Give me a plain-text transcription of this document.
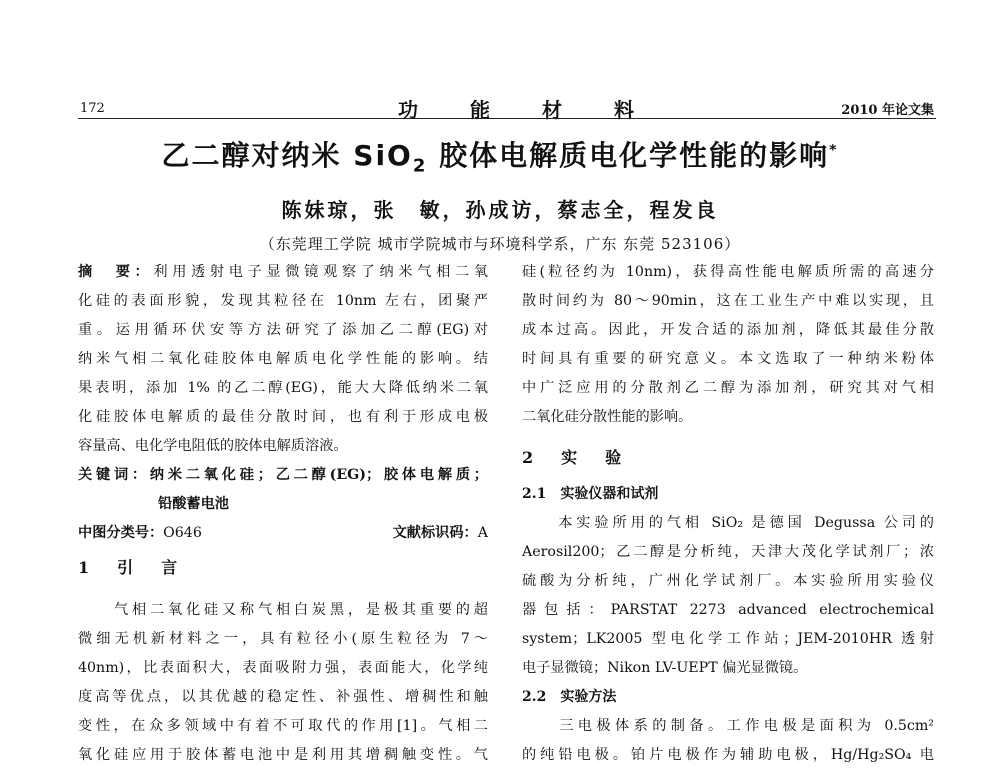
172	功能材料	2010 年论文集
乙二醇对纳米 SiO$_2$ 胶体电解质电化学性能的影响*
陈妹琼，张　敏，孙成访，蔡志全，程发良
（东莞理工学院 城市学院城市与环境科学系，广东 东莞 523106）
摘　要：利用透射电子显微镜观察了纳米气相二氧
化硅的表面形貌，发现其粒径在 10nm 左右，团聚严
重。运用循环伏安等方法研究了添加乙二醇(EG)对
纳米气相二氧化硅胶体电解质电化学性能的影响。结
果表明，添加 1% 的乙二醇(EG)，能大大降低纳米二氧
化硅胶体电解质的最佳分散时间，也有利于形成电极
容量高、电化学电阻低的胶体电解质溶液。
关键词：纳米二氧化硅；乙二醇(EG)；胶体电解质；
铅酸蓄电池
中图分类号：O646	文献标识码：A
1　引　言
　　气相二氧化硅又称气相白炭黑，是极其重要的超
微细无机新材料之一，具有粒径小(原生粒径为 7～
40nm)，比表面积大，表面吸附力强，表面能大，化学纯
度高等优点，以其优越的稳定性、补强性、增稠性和触
变性，在众多领域中有着不可取代的作用[1]。气相二
氧化硅应用于胶体蓄电池中是利用其增稠触变性。气
硅(粒径约为 10nm)，获得高性能电解质所需的高速分
散时间约为 80～90min，这在工业生产中难以实现，且
成本过高。因此，开发合适的添加剂，降低其最佳分散
时间具有重要的研究意义。本文选取了一种纳米粉体
中广泛应用的分散剂乙二醇为添加剂，研究其对气相
二氧化硅分散性能的影响。
2　实　验
2.1　实验仪器和试剂
　　本实验所用的气相 SiO₂ 是德国 Degussa 公司的
Aerosil200；乙二醇是分析纯，天津大茂化学试剂厂；浓
硫酸为分析纯，广州化学试剂厂。本实验所用实验仪
器包括：PARSTAT 2273 advanced electrochemical
system；LK2005 型电化学工作站；JEM-2010HR 透射
电子显微镜；Nikon LV-UEPT 偏光显微镜。
2.2　实验方法
　　三电极体系的制备。工作电极是面积为 0.5cm²
的纯铅电极。铂片电极作为辅助电极，Hg/Hg₂SO₄ 电
